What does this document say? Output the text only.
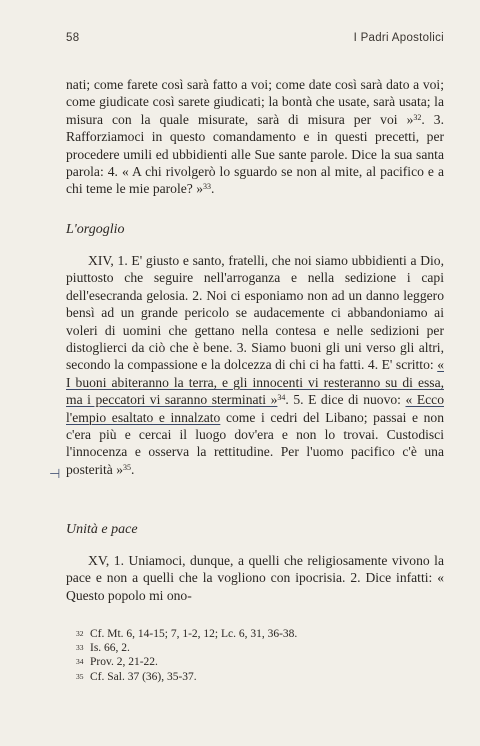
58	I Padri Apostolici

nati; come farete così sarà fatto a voi; come date così sarà dato a voi; come giudicate così sarete giudicati; la bontà che usate, sarà usata; la misura con la quale misurate, sarà di misura per voi »$^{32}$. 3. Rafforziamoci in questo comandamento e in questi precetti, per procedere umili ed ubbidienti alle Sue sante parole. Dice la sua santa parola: 4. « A chi rivolgerò lo sguardo se non al mite, al pacifico e a chi teme le mie parole? »$^{33}$.

L'orgoglio

XIV, 1. E' giusto e santo, fratelli, che noi siamo ubbidienti a Dio, piuttosto che seguire nell'arroganza e nella sedizione i capi dell'esecranda gelosia. 2. Noi ci esponiamo non ad un danno leggero bensì ad un grande pericolo se audacemente ci abbandoniamo ai voleri di uomini che gettano nella contesa e nelle sedizioni per distoglierci da ciò che è bene. 3. Siamo buoni gli uni verso gli altri, secondo la compassione e la dolcezza di chi ci ha fatti. 4. E' scritto: « I buoni abiteranno la terra, e gli innocenti vi resteranno su di essa, ma i peccatori vi saranno sterminati »$^{34}$. 5. E dice di nuovo: « Ecco l'empio esaltato e innalzato come i cedri del Libano; passai e non c'era più e cercai il luogo dov'era e non lo trovai. Custodisci l'innocenza e osserva la rettitudine. Per l'uomo pacifico c'è una posterità »$^{35}$.

⊣
Unità e pace

XV, 1. Uniamoci, dunque, a quelli che religiosamente vivono la pace e non a quelli che la vogliono con ipocrisia. 2. Dice infatti: « Questo popolo mi ono-

32 Cf. Mt. 6, 14-15; 7, 1-2, 12; Lc. 6, 31, 36-38.
33 Is. 66, 2.
34 Prov. 2, 21-22.
35 Cf. Sal. 37 (36), 35-37.
